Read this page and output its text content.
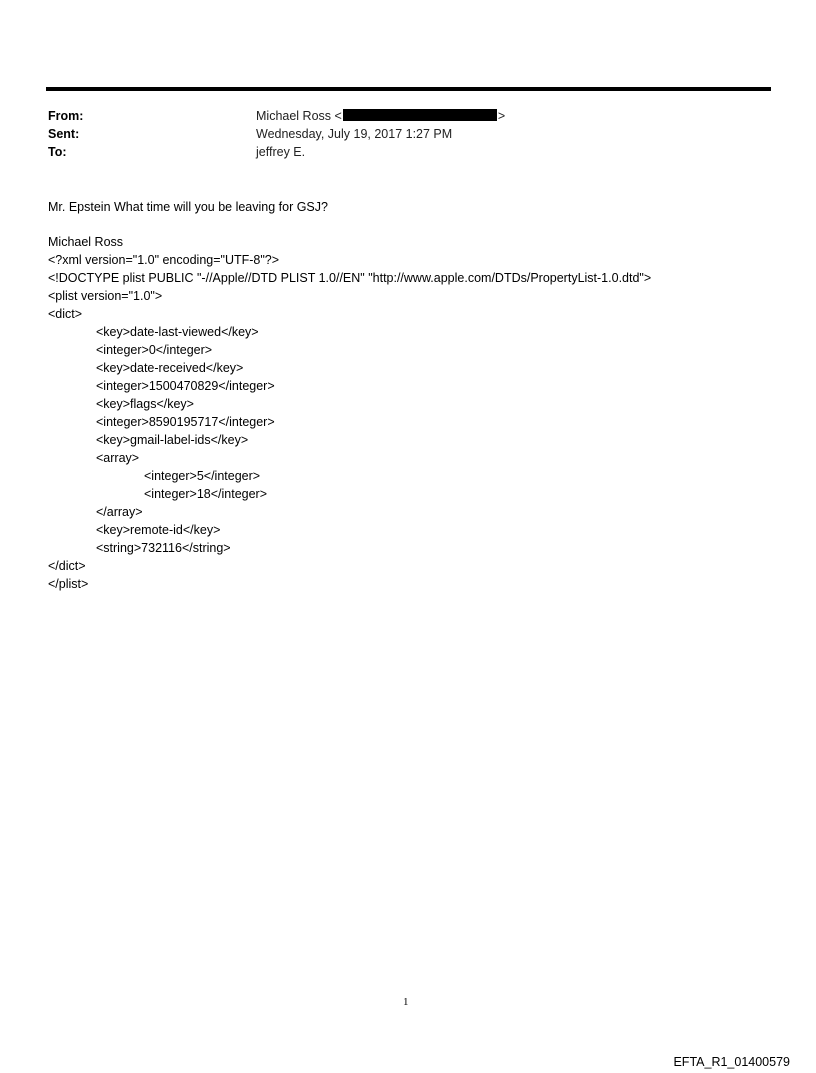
From:	Michael Ross <	>
Sent:	Wednesday, July 19, 2017 1:27 PM
To:	jeffrey E.
Mr. Epstein What time will you be leaving for GSJ?
Michael Ross
<?xml version="1.0" encoding="UTF-8"?>
<!DOCTYPE plist PUBLIC "-//Apple//DTD PLIST 1.0//EN" "http://www.apple.com/DTDs/PropertyList-1.0.dtd">
<plist version="1.0">
<dict>
<key>date-last-viewed</key>
<integer>0</integer>
<key>date-received</key>
<integer>1500470829</integer>
<key>flags</key>
<integer>8590195717</integer>
<key>gmail-label-ids</key>
<array>
<integer>5</integer>
<integer>18</integer>
</array>
<key>remote-id</key>
<string>732116</string>
</dict>
</plist>
1
EFTA_R1_01400579
